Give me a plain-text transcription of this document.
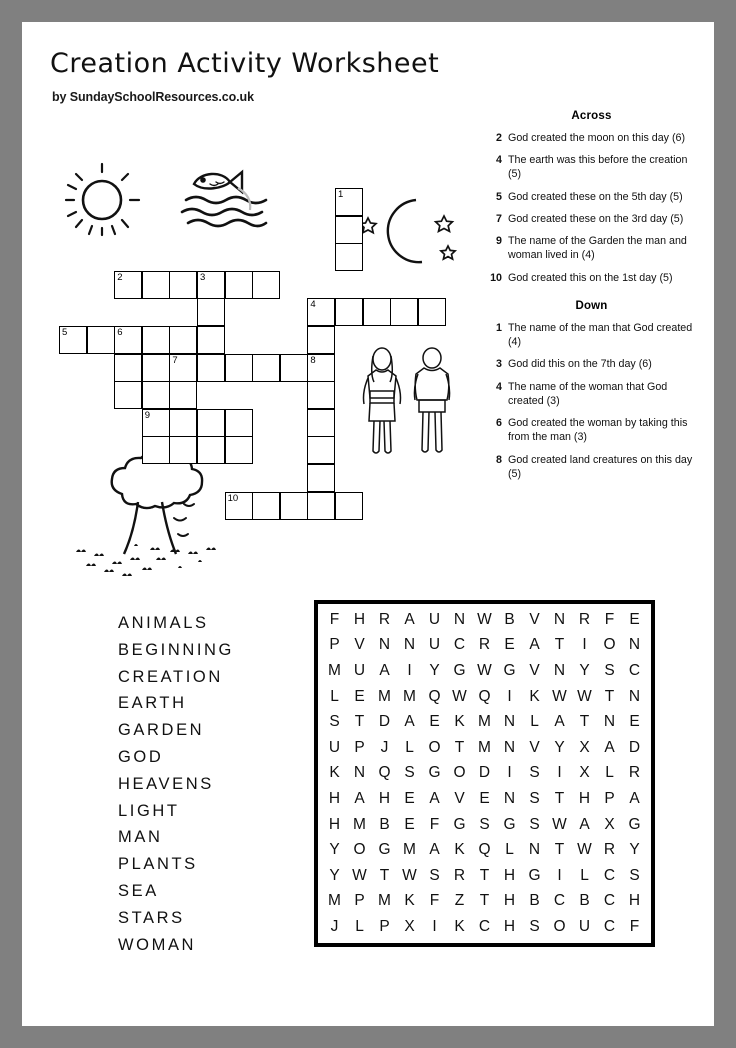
Creation Activity Worksheet
by SundaySchoolResources.co.uk
1
2	3
4
5	6
7	8
9
10
Across
2 God created the moon on this day (6)
4 The earth was this before the creation (5)
5 God created these on the 5th day (5)
7 God created these on the 3rd day (5)
9 The name of the Garden the man and woman lived in (4)
10 God created this on the 1st day (5)
Down
1 The name of the man that God created (4)
3 God did this on the 7th day (6)
4 The name of the woman that God created (3)
6 God created the woman by taking this from the man (3)
8 God created land creatures on this day (5)
ANIMALS
BEGINNING
CREATION
EARTH
GARDEN
GOD
HEAVENS
LIGHT
MAN
PLANTS
SEA
STARS
WOMAN
F	H	R	A	U	N	W	B	V	N	R	F	E
P	V	N	N	U	C	R	E	A	T	I	O	N
M	U	A	I	Y	G	W	G	V	N	Y	S	C
L	E	M	M	Q	W	Q	I	K	W	W	T	N
S	T	D	A	E	K	M	N	L	A	T	N	E
U	P	J	L	O	T	M	N	V	Y	X	A	D
K	N	Q	S	G	O	D	I	S	I	X	L	R
H	A	H	E	A	V	E	N	S	T	H	P	A
H	M	B	E	F	G	S	G	S	W	A	X	G
Y	O	G	M	A	K	Q	L	N	T	W	R	Y
Y	W	T	W	S	R	T	H	G	I	L	C	S
M	P	M	K	F	Z	T	H	B	C	B	C	H
J	L	P	X	I	K	C	H	S	O	U	C	F
